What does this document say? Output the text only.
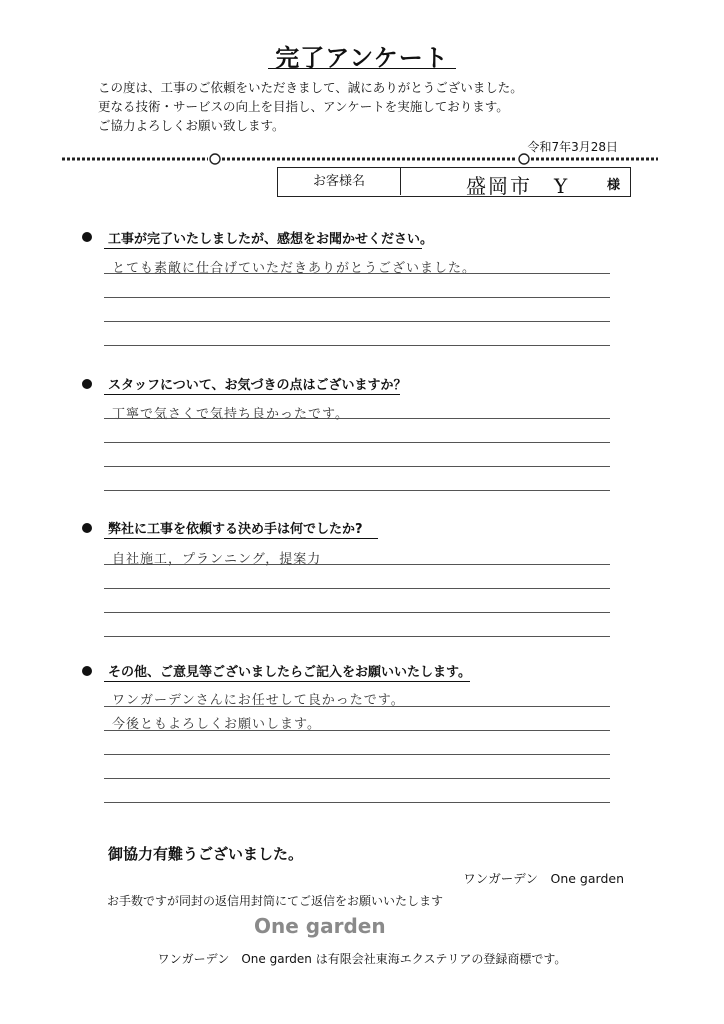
完了アンケート
この度は、工事のご依頼をいただきまして、誠にありがとうございました。
更なる技術・サービスの向上を目指し、アンケートを実施しております。
ご協力よろしくお願い致します。
令和7年3月28日
お客様名	盛岡市　Y	様
工事が完了いたしましたが、感想をお聞かせください。
とても素敵に仕合げていただきありがとうございました。
スタッフについて、お気づきの点はございますか？
丁寧で気さくで気持ち良かったです。
弊社に工事を依頼する決め手は何でしたか?
自社施工，プランニング，提案力
その他、ご意見等ございましたらご記入をお願いいたします。
ワンガーデンさんにお任せして良かったです。
今後ともよろしくお願いします。
御協力有難うございました。
ワンガーデン　One garden
お手数ですが同封の返信用封筒にてご返信をお願いいたします
One garden
ワンガーデン　One garden は有限会社東海エクステリアの登録商標です。
